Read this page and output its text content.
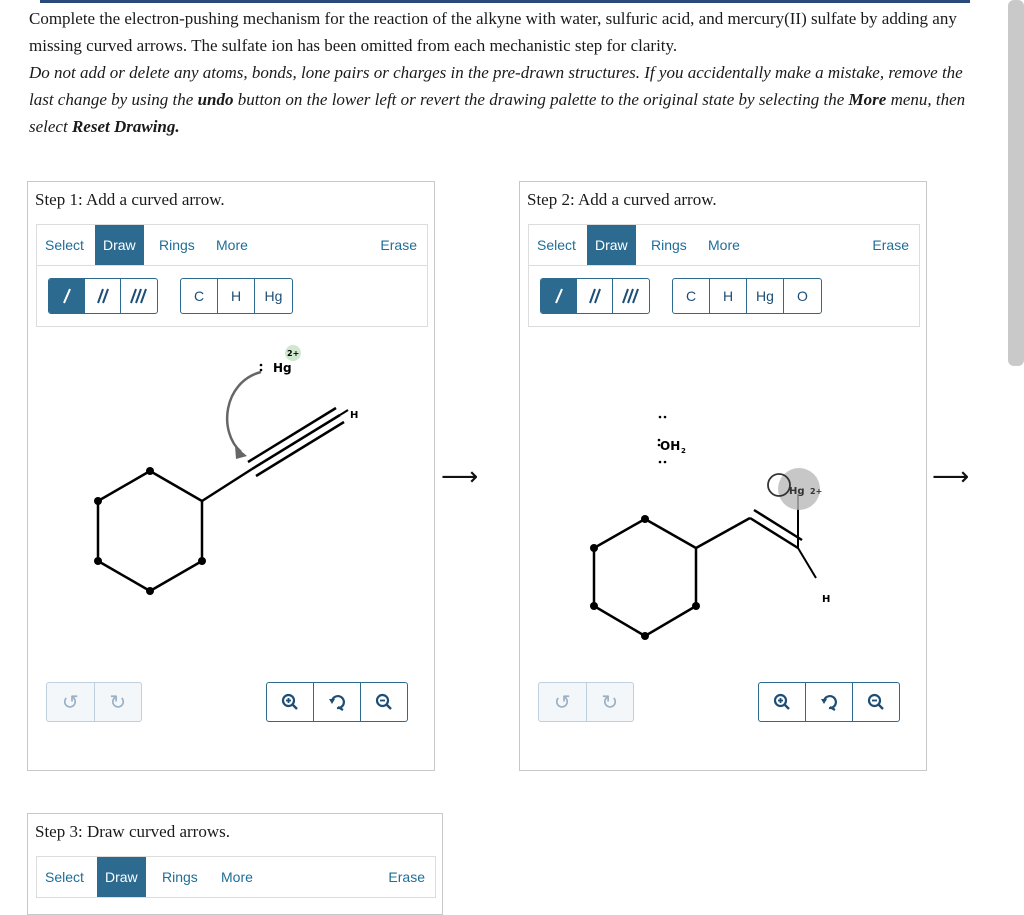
Complete the electron-pushing mechanism for the reaction of the alkyne with water, sulfuric acid, and mercury(II) sulfate by adding any missing curved arrows. The sulfate ion has been omitted from each mechanistic step for clarity.

Do not add or delete any atoms, bonds, lone pairs or charges in the pre-drawn structures. If you accidentally make a mistake, remove the last change by using the undo button on the lower left or revert the drawing palette to the original state by selecting the More menu, then select Reset Drawing.

Step 1: Add a curved arrow.
Select	Draw	Rings	More	Erase
C	H	Hg
H
Hg
2+
↺	↻
⟶
Step 2: Add a curved arrow.
Select	Draw	Rings	More	Erase
C	H	Hg	O
H
Hg 2+
OH 2
↺	↻
⟶
Step 3: Draw curved arrows.
Select	Draw	Rings	More	Erase
